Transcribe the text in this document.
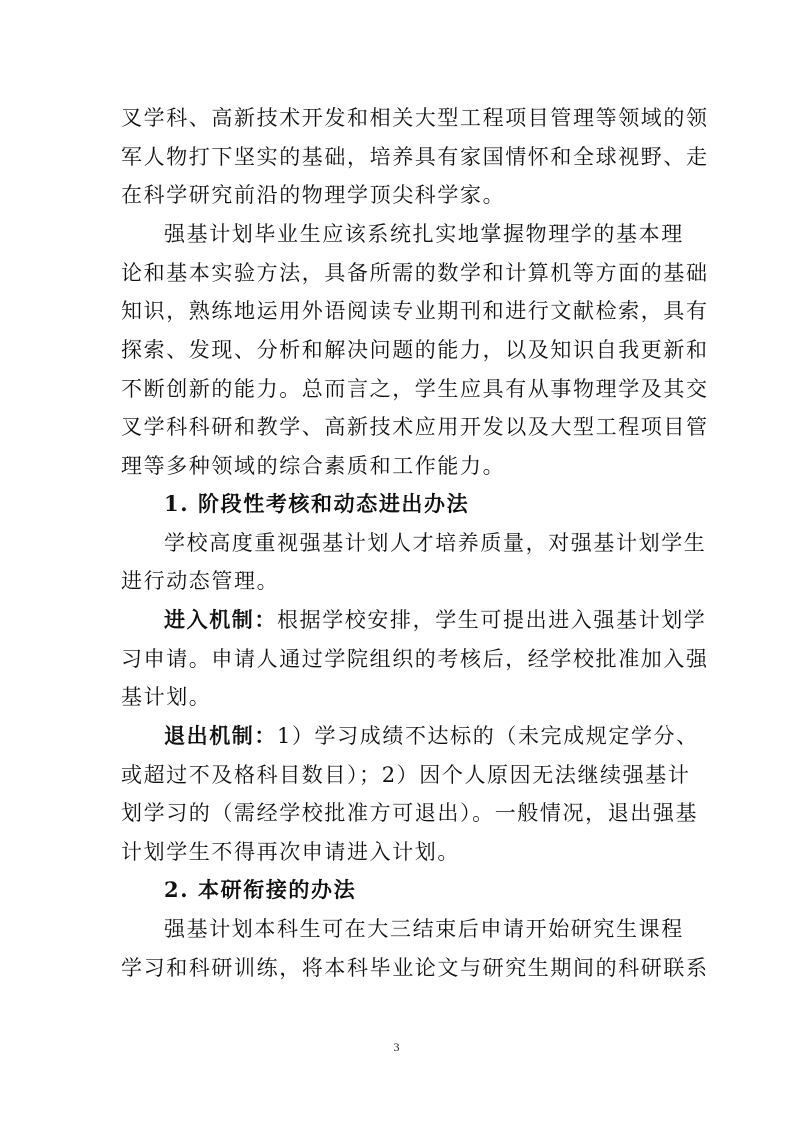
叉学科、高新技术开发和相关大型工程项目管理等领域的领
军人物打下坚实的基础，培养具有家国情怀和全球视野、走
在科学研究前沿的物理学顶尖科学家。
强基计划毕业生应该系统扎实地掌握物理学的基本理
论和基本实验方法，具备所需的数学和计算机等方面的基础
知识，熟练地运用外语阅读专业期刊和进行文献检索，具有
探索、发现、分析和解决问题的能力，以及知识自我更新和
不断创新的能力。总而言之，学生应具有从事物理学及其交
叉学科科研和教学、高新技术应用开发以及大型工程项目管
理等多种领域的综合素质和工作能力。
1. 阶段性考核和动态进出办法
学校高度重视强基计划人才培养质量，对强基计划学生
进行动态管理。
进入机制：根据学校安排，学生可提出进入强基计划学
习申请。申请人通过学院组织的考核后，经学校批准加入强
基计划。
退出机制：1）学习成绩不达标的（未完成规定学分、
或超过不及格科目数目）；2）因个人原因无法继续强基计
划学习的（需经学校批准方可退出）。一般情况，退出强基
计划学生不得再次申请进入计划。
2. 本研衔接的办法
强基计划本科生可在大三结束后申请开始研究生课程
学习和科研训练，将本科毕业论文与研究生期间的科研联系
3
